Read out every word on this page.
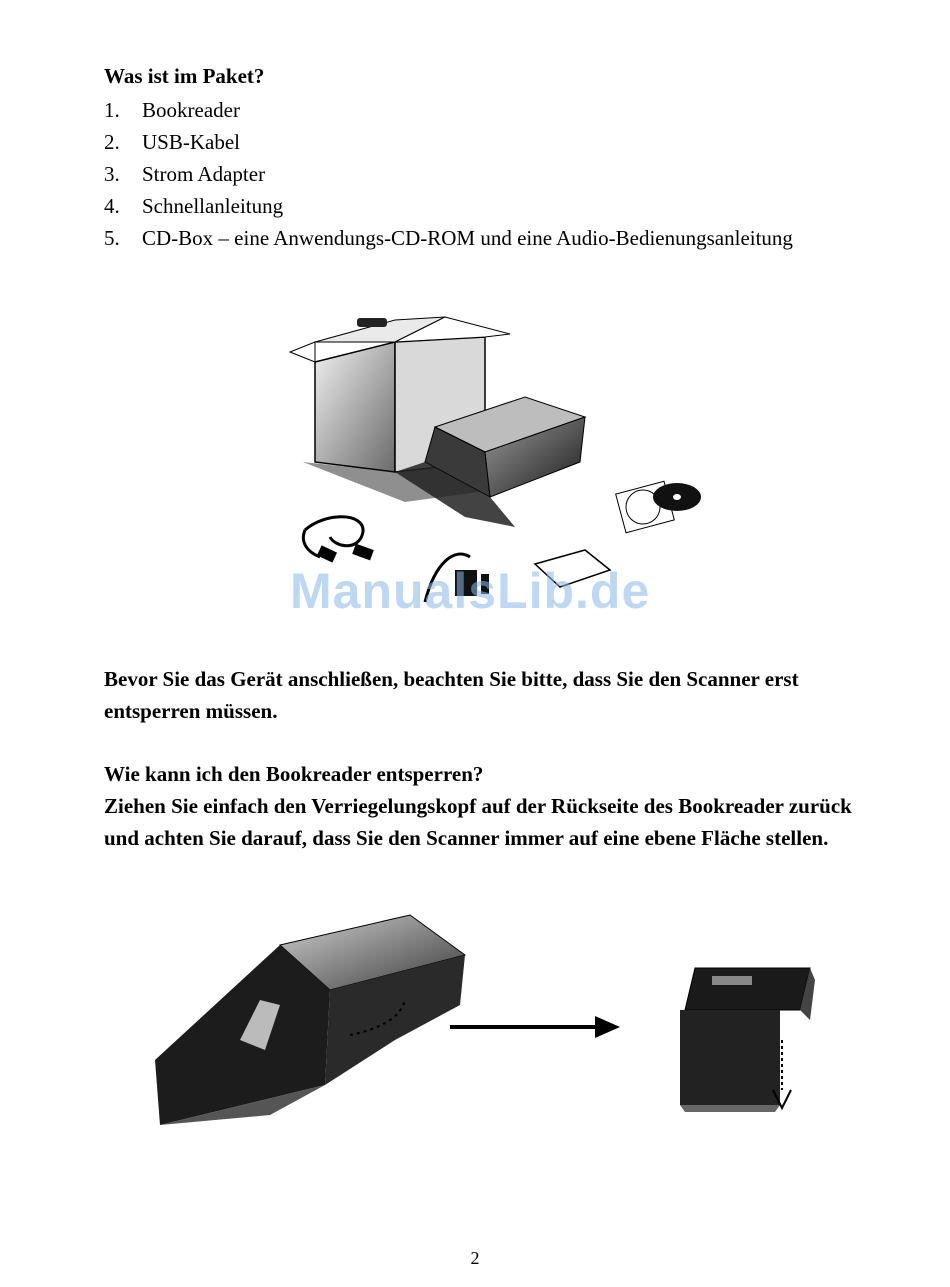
Was ist im Paket?
1.	Bookreader
2.	USB-Kabel
3.	Strom Adapter
4.	Schnellanleitung
5.	CD-Box – eine Anwendungs-CD-ROM und eine Audio-Bedienungsanleitung
ManualsLib.de

Bevor Sie das Gerät anschließen, beachten Sie bitte, dass Sie den Scanner erst entsperren müssen.

Wie kann ich den Bookreader entsperren?
Ziehen Sie einfach den Verriegelungskopf auf der Rückseite des Bookreader zurück und achten Sie darauf, dass Sie den Scanner immer auf eine ebene Fläche stellen.
2
